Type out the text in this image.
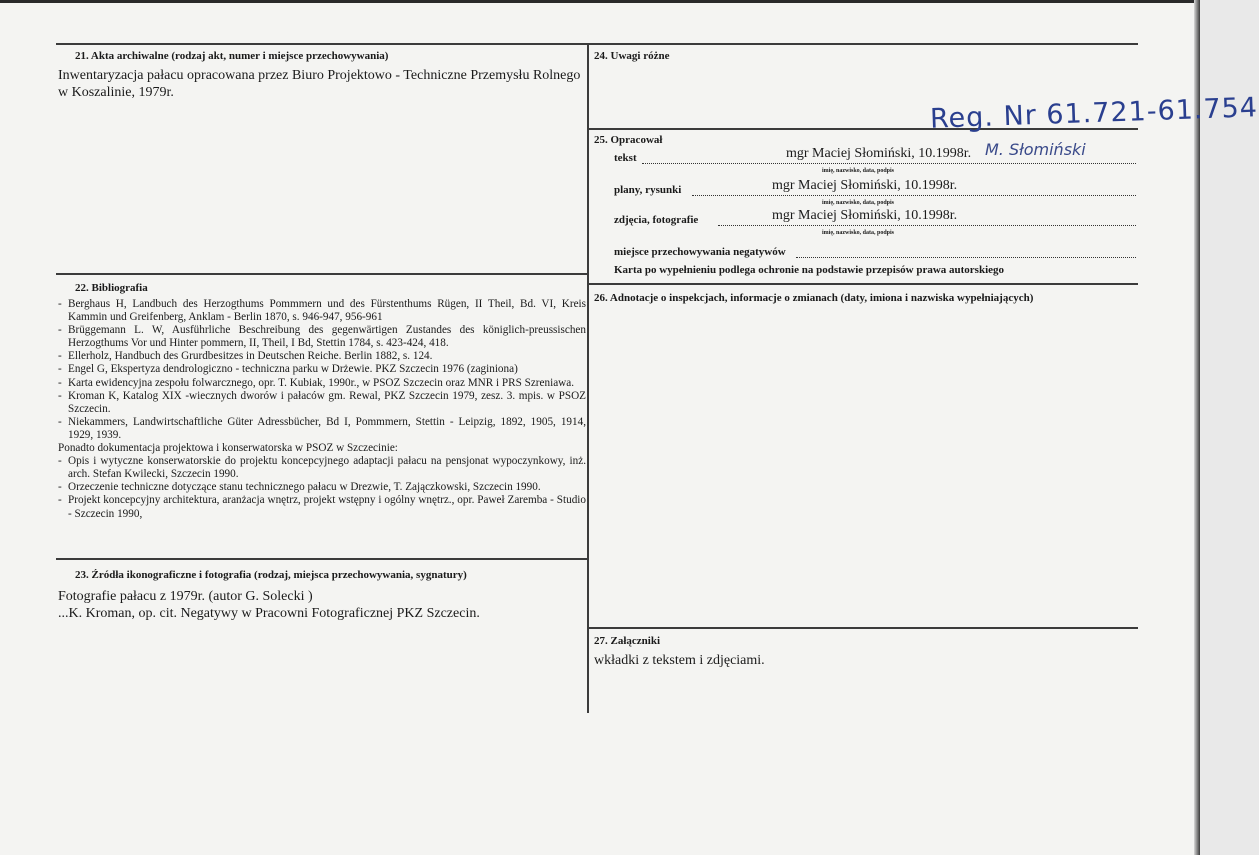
21. Akta archiwalne (rodzaj akt, numer i miejsce przechowywania)
Inwentaryzacja pałacu opracowana przez Biuro Projektowo - Techniczne Przemysłu Rolnego
w Koszalinie, 1979r.
22. Bibliografia
- Berghaus H, Landbuch des Herzogthums Pommmern und des Fürstenthums Rügen, II Theil, Bd. VI, Kreis Kammin und Greifenberg, Anklam - Berlin 1870, s. 946-947, 956-961
- Brüggemann L. W, Ausführliche Beschreibung des gegenwärtigen Zustandes des königlich-preussischen Herzogthums Vor und Hinter pommern, II, Theil, I Bd, Stettin 1784, s. 423-424, 418.
- Ellerholz, Handbuch des Grurdbesitzes in Deutschen Reiche. Berlin 1882, s. 124.
- Engel G, Ekspertyza dendrologiczno - techniczna parku w Drżewie. PKZ Szczecin 1976 (zaginiona)
- Karta ewidencyjna zespołu folwarcznego, opr. T. Kubiak, 1990r., w PSOZ Szczecin oraz MNR i PRS Szreniawa.
- Kroman K, Katalog XIX -wiecznych dworów i pałaców gm. Rewal, PKZ Szczecin 1979, zesz. 3. mpis. w PSOZ Szczecin.
- Niekammers, Landwirtschaftliche Güter Adressbücher, Bd I, Pommmern, Stettin - Leipzig, 1892, 1905, 1914, 1929, 1939.
Ponadto dokumentacja projektowa i konserwatorska w PSOZ w Szczecinie:
- Opis i wytyczne konserwatorskie do projektu koncepcyjnego adaptacji pałacu na pensjonat wypoczynkowy, inż. arch. Stefan Kwilecki, Szczecin 1990.
- Orzeczenie techniczne dotyczące stanu technicznego pałacu w Drezwie, T. Zajączkowski, Szczecin 1990.
- Projekt koncepcyjny architektura, aranżacja wnętrz, projekt wstępny i ogólny wnętrz., opr. Paweł Zaremba - Studio - Szczecin 1990,
23. Źródła ikonograficzne i fotografia (rodzaj, miejsca przechowywania, sygnatury)
Fotografie pałacu z 1979r. (autor G. Solecki )
...K. Kroman, op. cit. Negatywy w Pracowni Fotograficznej PKZ Szczecin.
24. Uwagi różne
Reg. Nr 61.721-61.754
25. Opracował
tekst	mgr Maciej Słomiński, 10.1998r. M. Słomiński
imię, nazwisko, data, podpis
plany, rysunki	mgr Maciej Słomiński, 10.1998r.
imię, nazwisko, data, podpis
zdjęcia, fotografie	mgr Maciej Słomiński, 10.1998r.
imię, nazwisko, data, podpis
miejsce przechowywania negatywów
Karta po wypełnieniu podlega ochronie na podstawie przepisów prawa autorskiego
26. Adnotacje o inspekcjach, informacje o zmianach (daty, imiona i nazwiska wypełniających)
27. Załączniki
wkładki z tekstem i zdjęciami.
